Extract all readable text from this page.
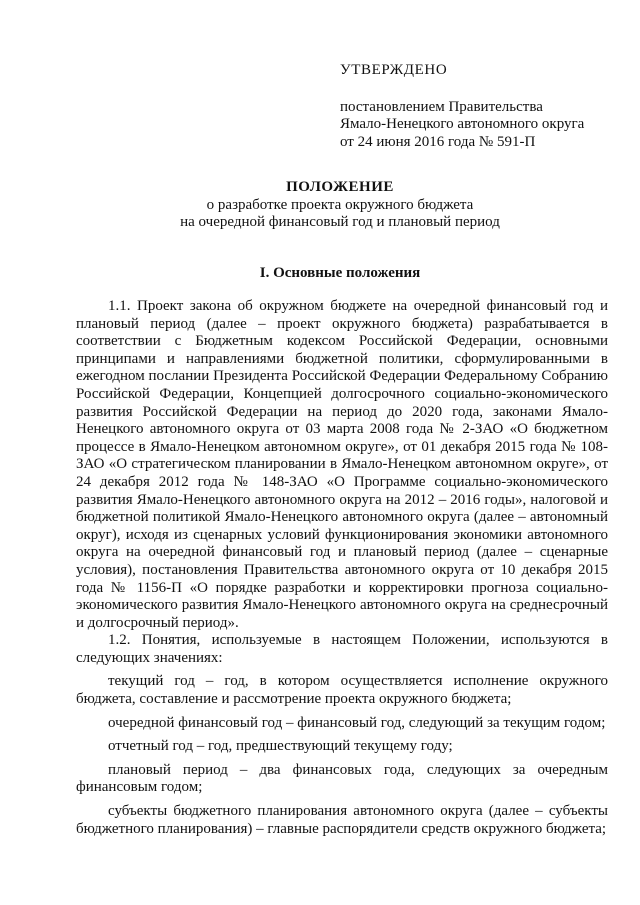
УТВЕРЖДЕНО
постановлением Правительства
Ямало-Ненецкого автономного округа
от 24 июня 2016 года № 591-П
ПОЛОЖЕНИЕ
о разработке проекта окружного бюджета
на очередной финансовый год и плановый период
I. Основные положения

1.1. Проект закона об окружном бюджете на очередной финансовый год и плановый период (далее – проект окружного бюджета) разрабатывается в соответствии с Бюджетным кодексом Российской Федерации, основными принципами и направлениями бюджетной политики, сформулированными в ежегодном послании Президента Российской Федерации Федеральному Собранию Российской Федерации, Концепцией долгосрочного социально-экономического развития Российской Федерации на период до 2020 года, законами Ямало-Ненецкого автономного округа от 03 марта 2008 года № 2-ЗАО «О бюджетном процессе в Ямало-Ненецком автономном округе», от 01 декабря 2015 года № 108-ЗАО «О стратегическом планировании в Ямало-Ненецком автономном округе», от 24 декабря 2012 года № 148-ЗАО «О Программе социально-экономического развития Ямало-Ненецкого автономного округа на 2012 – 2016 годы», налоговой и бюджетной политикой Ямало-Ненецкого автономного округа (далее – автономный округ), исходя из сценарных условий функционирования экономики автономного округа на очередной финансовый год и плановый период (далее – сценарные условия), постановления Правительства автономного округа от 10 декабря 2015 года № 1156-П «О порядке разработки и корректировки прогноза социально-экономического развития Ямало-Ненецкого автономного округа на среднесрочный и долгосрочный период».

1.2. Понятия, используемые в настоящем Положении, используются в следующих значениях:

текущий год – год, в котором осуществляется исполнение окружного бюджета, составление и рассмотрение проекта окружного бюджета;

очередной финансовый год – финансовый год, следующий за текущим годом;

отчетный год – год, предшествующий текущему году;

плановый период – два финансовых года, следующих за очередным финансовым годом;

субъекты бюджетного планирования автономного округа (далее – субъекты бюджетного планирования) – главные распорядители средств окружного бюджета;
